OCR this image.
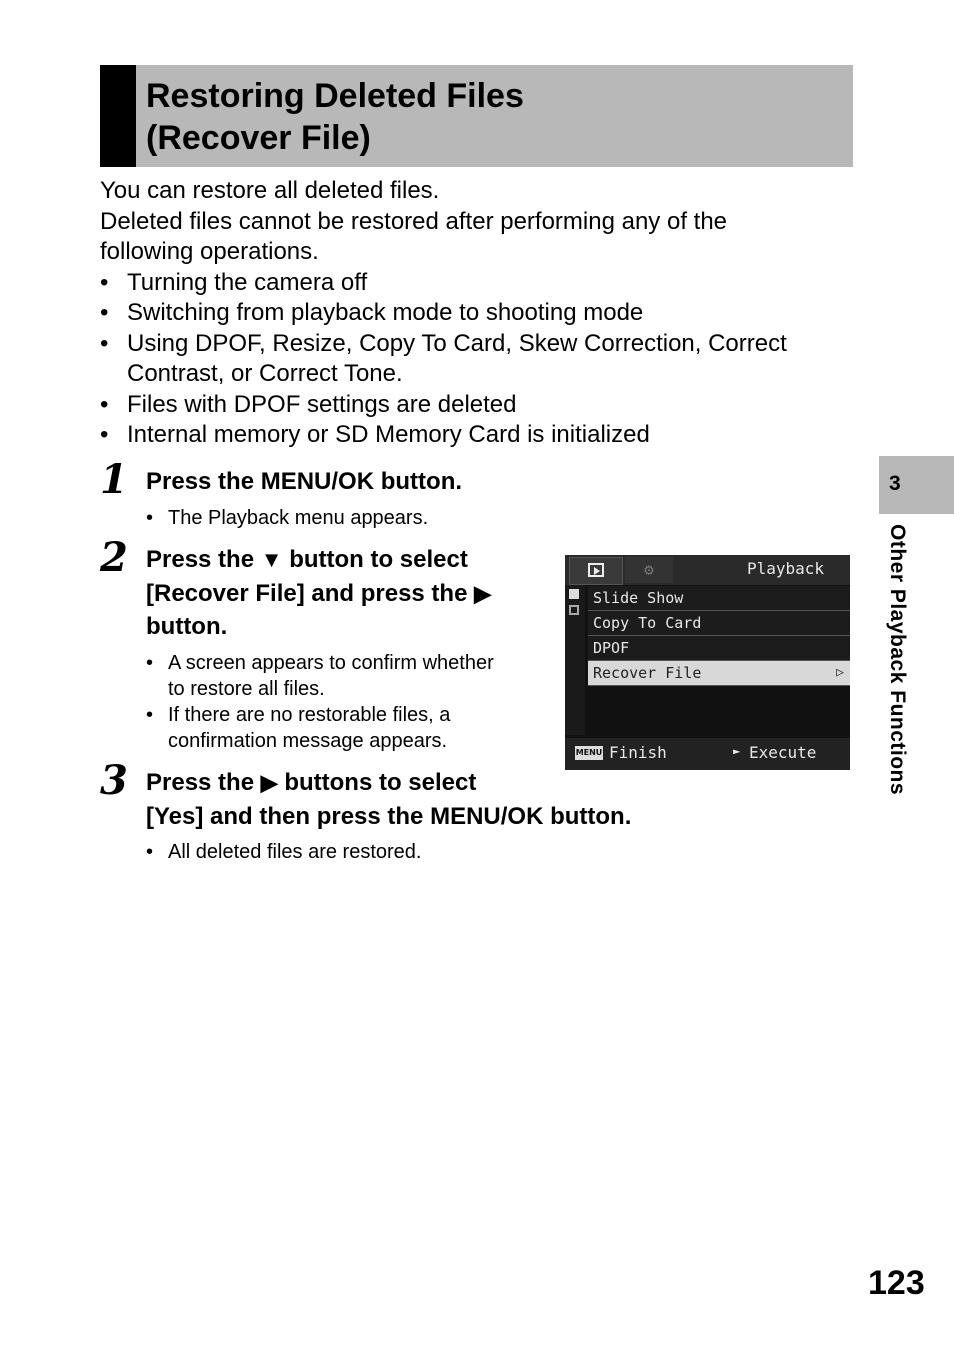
Restoring Deleted Files
(Recover File)

You can restore all deleted files.

Deleted files cannot be restored after performing any of the

following operations.

• Turning the camera off
• Switching from playback mode to shooting mode
• Using DPOF, Resize, Copy To Card, Skew Correction, Correct
Contrast, or Correct Tone.
• Files with DPOF settings are deleted
• Internal memory or SD Memory Card is initialized
1 Press the MENU/OK button.
• The Playback menu appears.
2 Press the ▼ button to select
[Recover File] and press the ▶
button.
• A screen appears to confirm whether
to restore all files.
• If there are no restorable files, a
confirmation message appears.
⚙	Playback
Slide Show
Copy To Card
DPOF
Recover File	▷
MENU Finish	► Execute
3 Press the ▶ buttons to select
[Yes] and then press the MENU/OK button.
• All deleted files are restored.
3
Other Playback Functions
123
